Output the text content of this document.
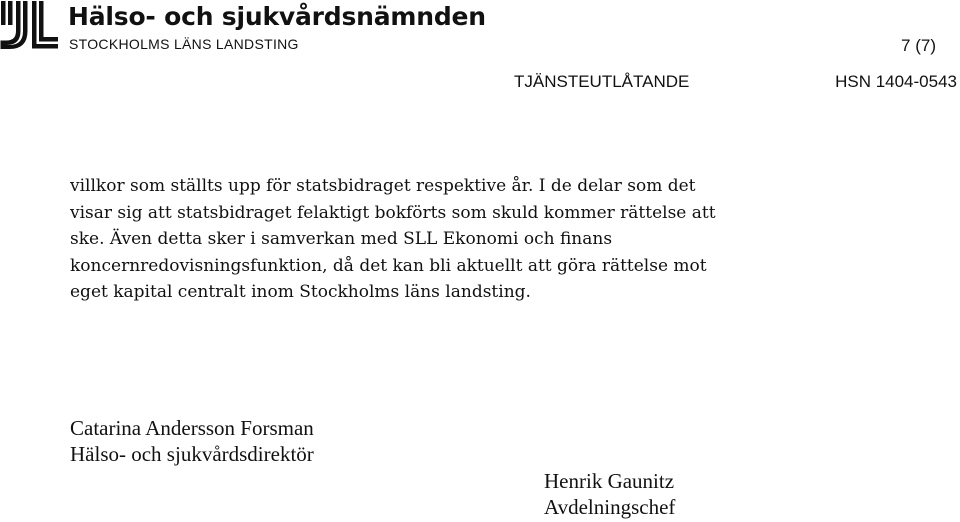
Hälso- och sjukvårdsnämnden
STOCKHOLMS LÄNS LANDSTING	7 (7)
TJÄNSTEUTLÅTANDE	HSN 1404-0543
villkor som ställts upp för statsbidraget respektive år. I de delar som det
visar sig att statsbidraget felaktigt bokförts som skuld kommer rättelse att
ske. Även detta sker i samverkan med SLL Ekonomi och finans
koncernredovisningsfunktion, då det kan bli aktuellt att göra rättelse mot
eget kapital centralt inom Stockholms läns landsting.
Catarina Andersson Forsman
Hälso- och sjukvårdsdirektör
Henrik Gaunitz
Avdelningschef
